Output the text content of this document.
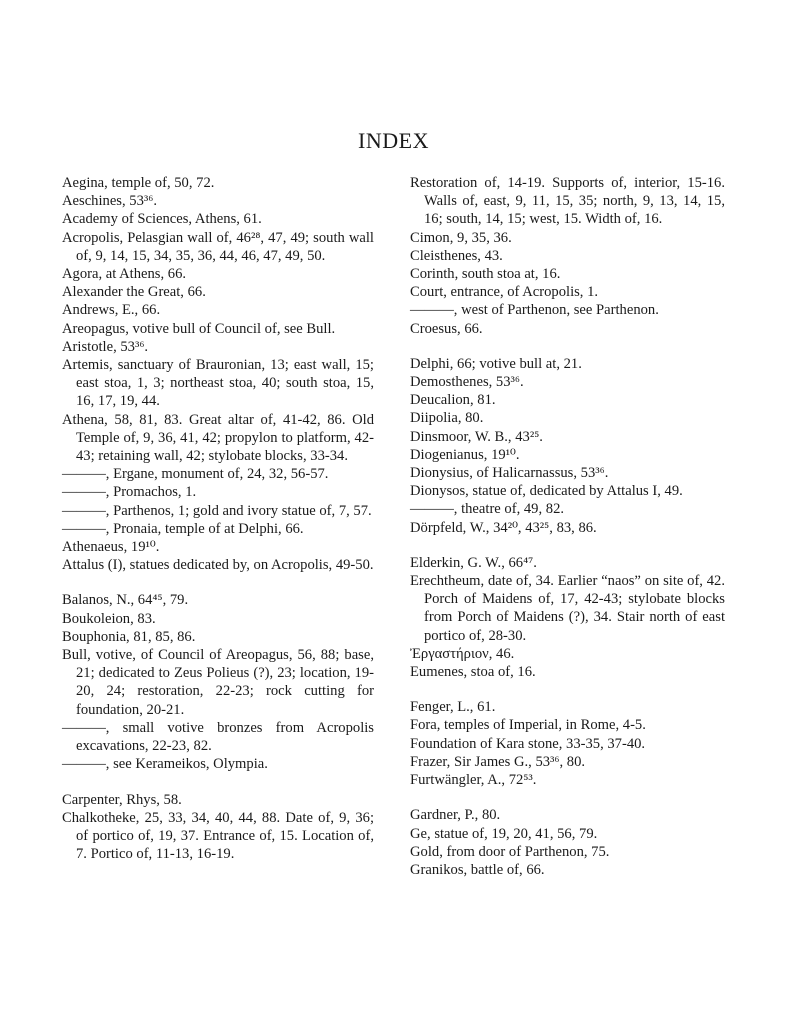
INDEX
Aegina, temple of, 50, 72.
Aeschines, 53³⁶.
Academy of Sciences, Athens, 61.
Acropolis, Pelasgian wall of, 46²⁸, 47, 49; south wall of, 9, 14, 15, 34, 35, 36, 44, 46, 47, 49, 50.
Agora, at Athens, 66.
Alexander the Great, 66.
Andrews, E., 66.
Areopagus, votive bull of Council of, see Bull.
Aristotle, 53³⁶.
Artemis, sanctuary of Brauronian, 13; east wall, 15; east stoa, 1, 3; northeast stoa, 40; south stoa, 15, 16, 17, 19, 44.
Athena, 58, 81, 83. Great altar of, 41-42, 86. Old Temple of, 9, 36, 41, 42; propylon to platform, 42-43; retaining wall, 42; stylobate blocks, 33-34.
———, Ergane, monument of, 24, 32, 56-57.
———, Promachos, 1.
———, Parthenos, 1; gold and ivory statue of, 7, 57.
———, Pronaia, temple of at Delphi, 66.
Athenaeus, 19¹⁰.
Attalus (I), statues dedicated by, on Acropolis, 49-50.
Balanos, N., 64⁴⁵, 79.
Boukoleion, 83.
Bouphonia, 81, 85, 86.
Bull, votive, of Council of Areopagus, 56, 88; base, 21; dedicated to Zeus Polieus (?), 23; location, 19-20, 24; restoration, 22-23; rock cutting for foundation, 20-21.
———, small votive bronzes from Acropolis excavations, 22-23, 82.
———, see Kerameikos, Olympia.
Carpenter, Rhys, 58.
Chalkotheke, 25, 33, 34, 40, 44, 88. Date of, 9, 36; of portico of, 19, 37. Entrance of, 15. Location of, 7. Portico of, 11-13, 16-19.
Restoration of, 14-19. Supports of, interior, 15-16. Walls of, east, 9, 11, 15, 35; north, 9, 13, 14, 15, 16; south, 14, 15; west, 15. Width of, 16.
Cimon, 9, 35, 36.
Cleisthenes, 43.
Corinth, south stoa at, 16.
Court, entrance, of Acropolis, 1.
———, west of Parthenon, see Parthenon.
Croesus, 66.
Delphi, 66; votive bull at, 21.
Demosthenes, 53³⁶.
Deucalion, 81.
Diipolia, 80.
Dinsmoor, W. B., 43²⁵.
Diogenianus, 19¹⁰.
Dionysius, of Halicarnassus, 53³⁶.
Dionysos, statue of, dedicated by Attalus I, 49.
———, theatre of, 49, 82.
Dörpfeld, W., 34²⁰, 43²⁵, 83, 86.
Elderkin, G. W., 66⁴⁷.
Erechtheum, date of, 34. Earlier “naos” on site of, 42. Porch of Maidens of, 17, 42-43; stylobate blocks from Porch of Maidens (?), 34. Stair north of east portico of, 28-30.
Ἐργαστήριον, 46.
Eumenes, stoa of, 16.
Fenger, L., 61.
Fora, temples of Imperial, in Rome, 4-5.
Foundation of Kara stone, 33-35, 37-40.
Frazer, Sir James G., 53³⁶, 80.
Furtwängler, A., 72⁵³.
Gardner, P., 80.
Ge, statue of, 19, 20, 41, 56, 79.
Gold, from door of Parthenon, 75.
Granikos, battle of, 66.
